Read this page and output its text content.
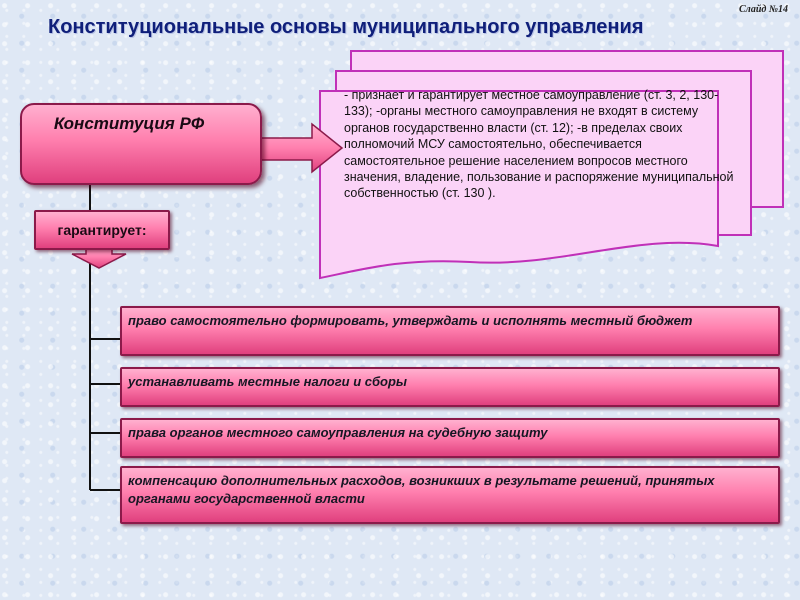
Конституциональные основы муниципального управления
Слайд №14
- признает и гарантирует местное самоуправление (ст. 3, 2, 130-133); -органы местного самоуправления не входят в систему органов государственно власти (ст. 12); -в пределах своих полномочий МСУ самостоятельно, обеспечивается самостоятельное решение населением вопросов местного значения, владение, пользование и распоряжение муниципальной собственностью (ст. 130 ).
Конституция РФ
гарантирует:
право самостоятельно формировать, утверждать и исполнять местный бюджет
устанавливать местные налоги и сборы
права органов местного самоуправления на судебную защиту
компенсацию дополнительных расходов, возникших в результате решений, принятых органами государственной власти
